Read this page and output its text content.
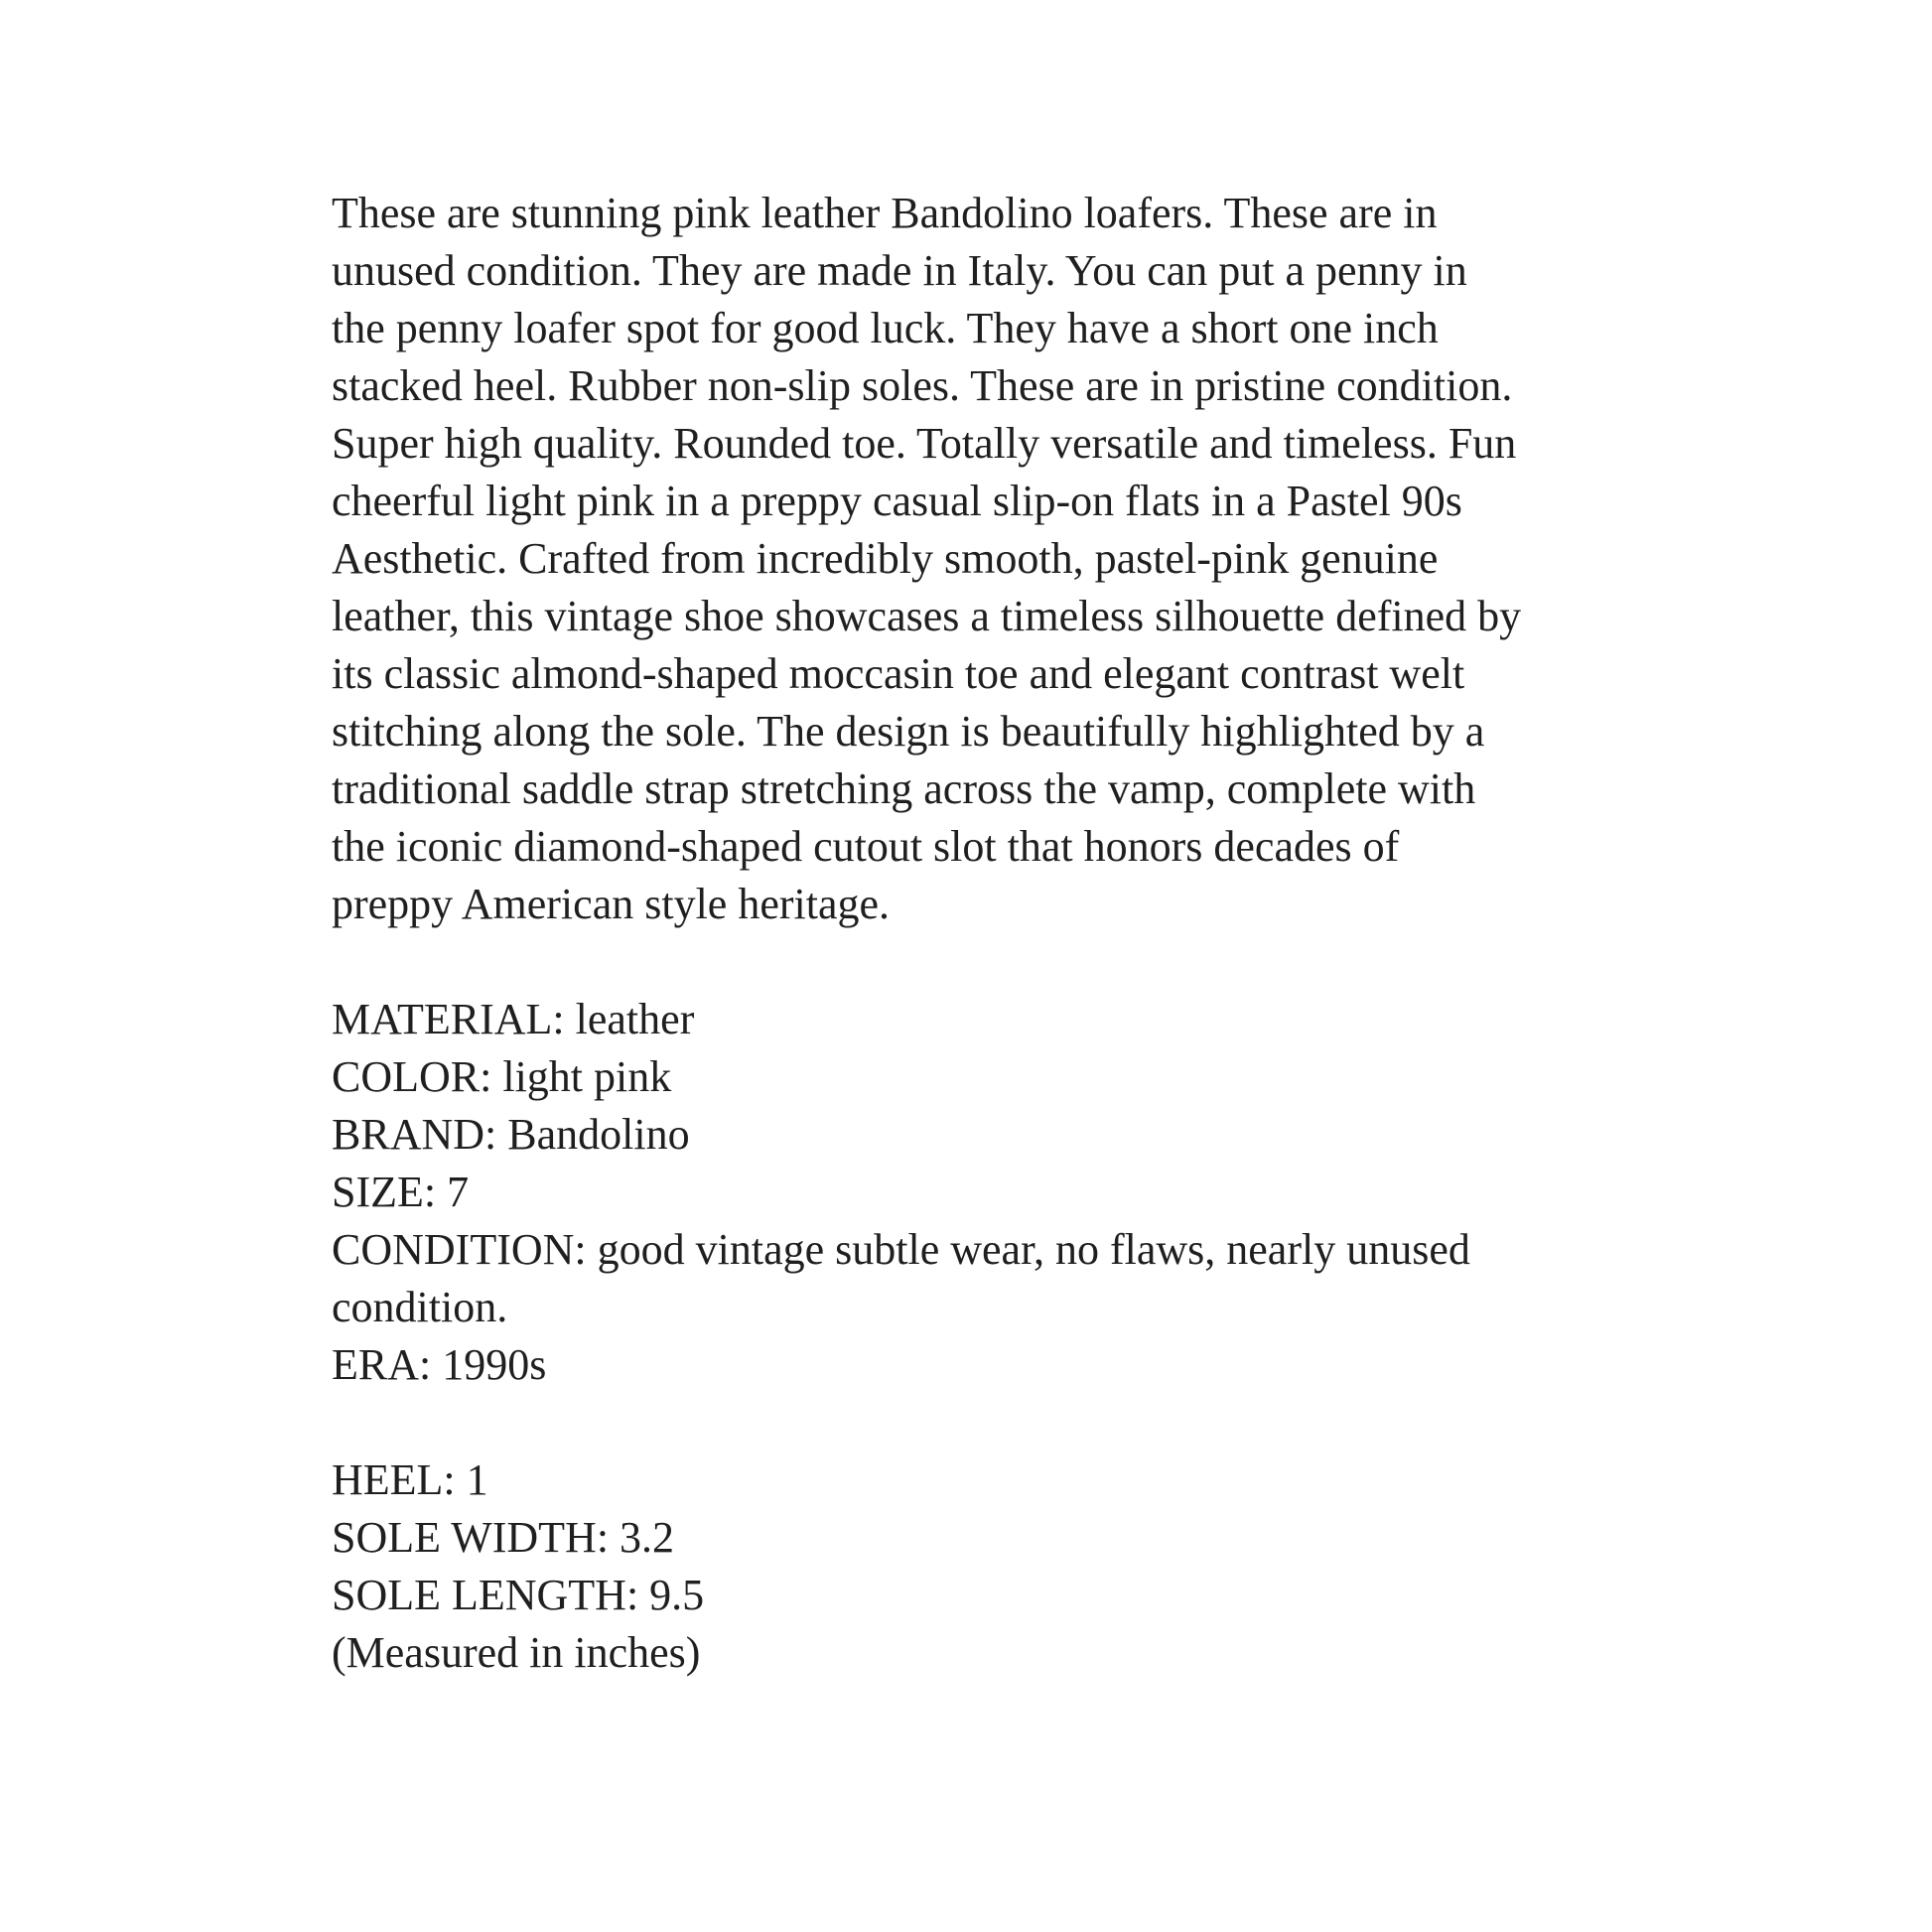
These are stunning pink leather Bandolino loafers. These are in

unused condition. They are made in Italy. You can put a penny in

the penny loafer spot for good luck. They have a short one inch

stacked heel. Rubber non-slip soles. These are in pristine condition.

Super high quality. Rounded toe. Totally versatile and timeless. Fun

cheerful light pink in a preppy casual slip-on flats in a Pastel 90s

Aesthetic. Crafted from incredibly smooth, pastel-pink genuine

leather, this vintage shoe showcases a timeless silhouette defined by

its classic almond-shaped moccasin toe and elegant contrast welt

stitching along the sole. The design is beautifully highlighted by a

traditional saddle strap stretching across the vamp, complete with

the iconic diamond-shaped cutout slot that honors decades of

preppy American style heritage.

MATERIAL: leather

COLOR: light pink

BRAND: Bandolino

SIZE: 7

CONDITION: good vintage subtle wear, no flaws, nearly unused

condition.

ERA: 1990s

HEEL: 1

SOLE WIDTH: 3.2

SOLE LENGTH: 9.5

(Measured in inches)
